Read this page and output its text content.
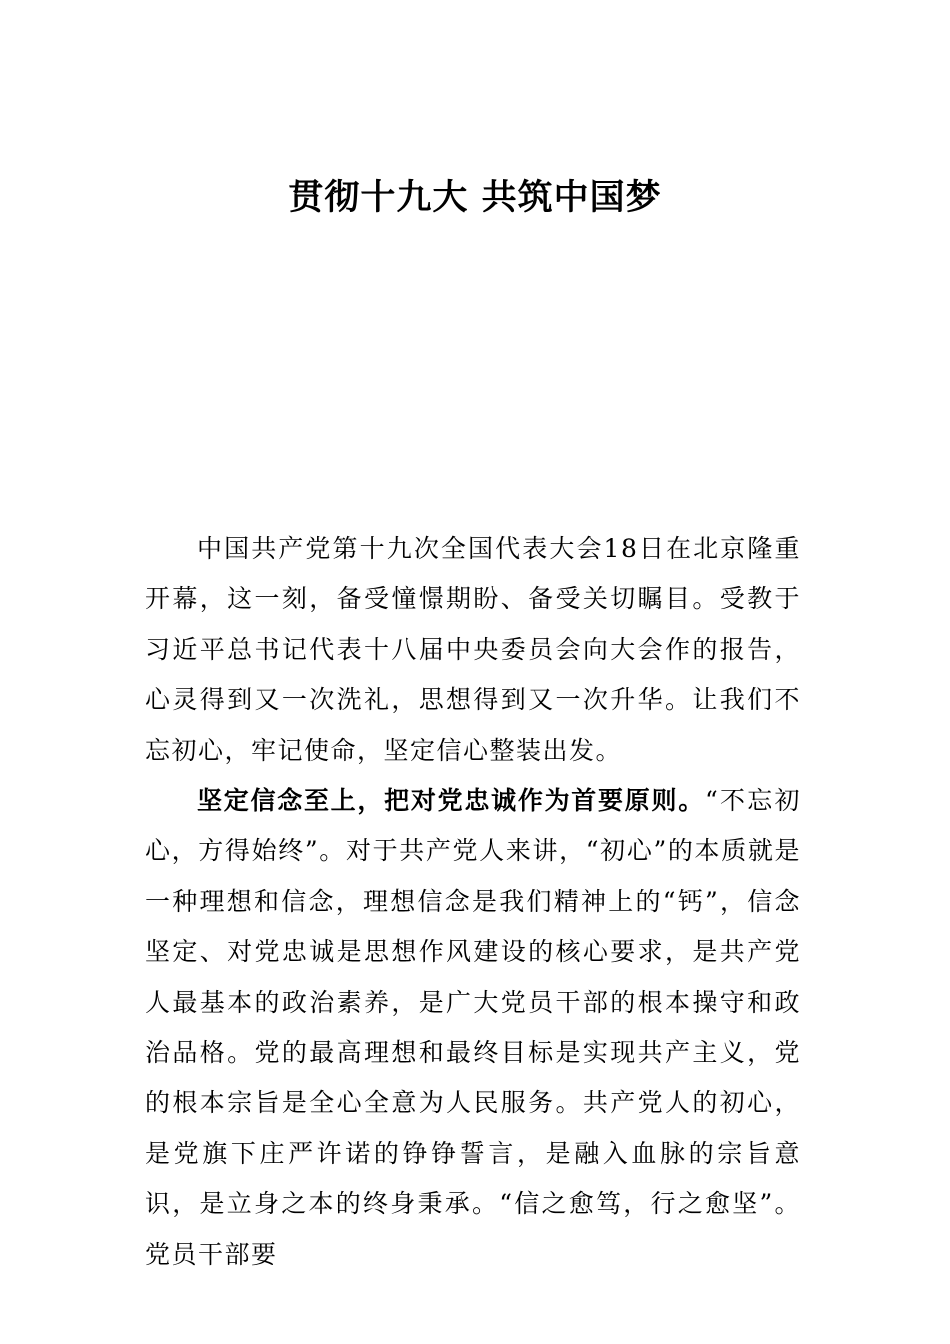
贯彻十九大 共筑中国梦

中国共产党第十九次全国代表大会18日在北京隆重开幕，这一刻，备受憧憬期盼、备受关切瞩目。受教于习近平总书记代表十八届中央委员会向大会作的报告，心灵得到又一次洗礼，思想得到又一次升华。让我们不忘初心，牢记使命，坚定信心整装出发。

坚定信念至上，把对党忠诚作为首要原则。“不忘初心，方得始终”。对于共产党人来讲，“初心”的本质就是一种理想和信念，理想信念是我们精神上的“钙”，信念坚定、对党忠诚是思想作风建设的核心要求，是共产党人最基本的政治素养，是广大党员干部的根本操守和政治品格。党的最高理想和最终目标是实现共产主义，党的根本宗旨是全心全意为人民服务。共产党人的初心，是党旗下庄严许诺的铮铮誓言，是融入血脉的宗旨意识，是立身之本的终身秉承。“信之愈笃，行之愈坚”。党员干部要
